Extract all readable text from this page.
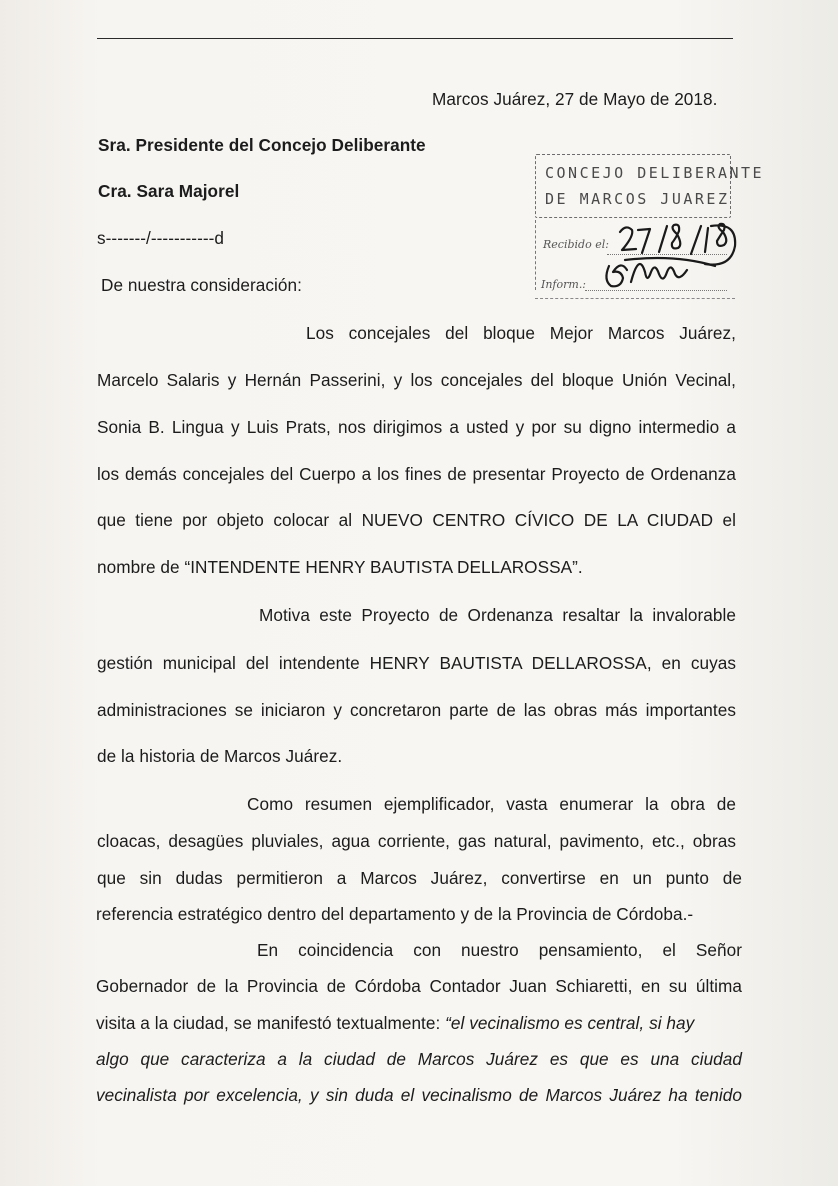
Marcos Juárez, 27 de Mayo de 2018.
Sra. Presidente del Concejo Deliberante
Cra. Sara Majorel
s-------/-----------d
De nuestra consideración:
Los concejales del bloque Mejor Marcos Juárez,
Marcelo Salaris y Hernán Passerini, y los concejales del bloque Unión Vecinal,
Sonia B. Lingua y Luis Prats, nos dirigimos a usted y por su digno intermedio a
los demás concejales del Cuerpo a los fines de presentar Proyecto de Ordenanza
que tiene por objeto colocar al NUEVO CENTRO CÍVICO DE LA CIUDAD el
nombre de “INTENDENTE HENRY BAUTISTA DELLAROSSA”.
Motiva este Proyecto de Ordenanza resaltar la invalorable
gestión municipal del intendente HENRY BAUTISTA DELLAROSSA, en cuyas
administraciones se iniciaron y concretaron parte de las obras más importantes
de la historia de Marcos Juárez.
Como resumen ejemplificador, vasta enumerar la obra de
cloacas, desagües pluviales, agua corriente, gas natural, pavimento, etc., obras
que sin dudas permitieron a Marcos Juárez, convertirse en un punto de
referencia estratégico dentro del departamento y de la Provincia de Córdoba.-
En coincidencia con nuestro pensamiento, el Señor
Gobernador de la Provincia de Córdoba Contador Juan Schiaretti, en su última
visita a la ciudad, se manifestó textualmente: “el vecinalismo es central, si hay
algo que caracteriza a la ciudad de Marcos Juárez es que es una ciudad
vecinalista por excelencia, y sin duda el vecinalismo de Marcos Juárez ha tenido
CONCEJO DELIBERANTE
DE MARCOS JUAREZ
Recibido el:
Inform.:
